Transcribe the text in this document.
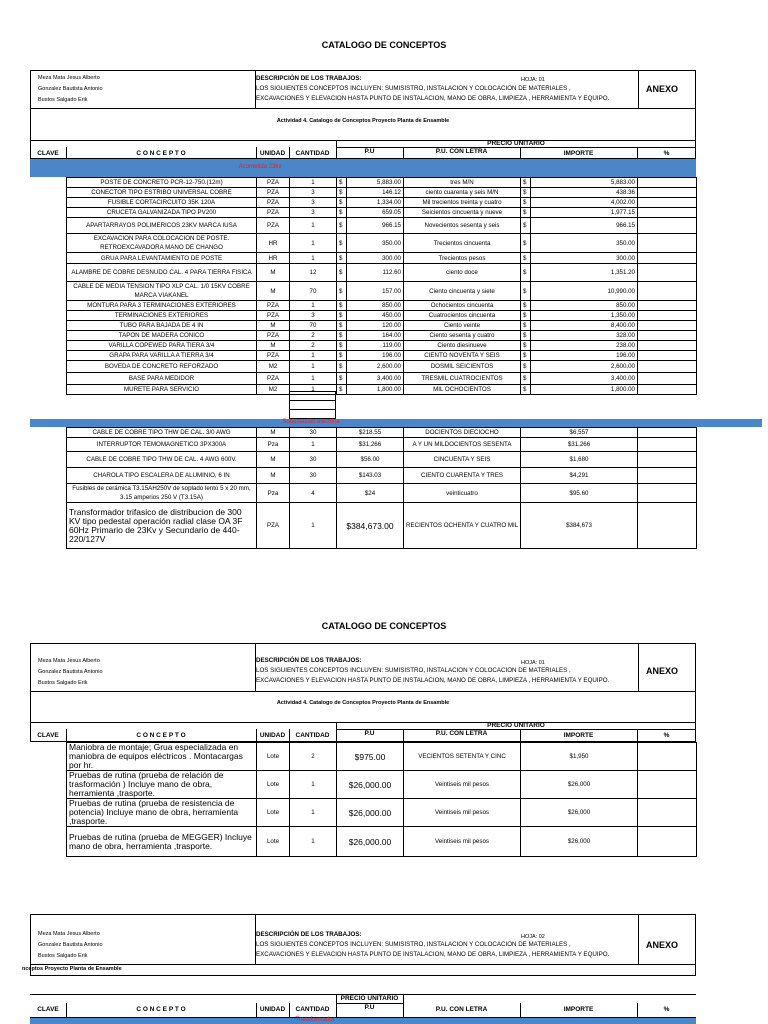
CATALOGO DE CONCEPTOS
Meza Mata Jesus Alberto
Gonzalez Bautista Antonio
Bustos Salgado Erik
DESCRIPCIÓN DE LOS TRABAJOS:
LOS SIGUIENTES CONCEPTOS INCLUYEN: SUMISISTRO, INSTALACION Y COLOCACION DE MATERIALES ,
EXCAVACIONES Y ELEVACION HASTA PUNTO DE INSTALACION, MANO DE OBRA, LIMPIEZA , HERRAMIENTA Y EQUIPO.
HOJA: 01
ANEXO
Actividad 4. Catalogo de Conceptos Proyecto Planta de Ensamble
PRECIO UNITARIO
CLAVE	C O N C E P T O	UNIDAD	CANTIDAD	P.U	P.U. CON LETRA	IMPORTE	%
Acometida 23kv
POSTE DE CONCRETO PCR-12-750.(12m)	PZA	1	$	5,883.00	tres M/N	$	5,883.00	
CONECTOR TIPO ESTRIBO UNIVERSAL COBRE	PZA	3	$	146.12	ciento cuarenta y seis M/N	$	438.36	
FUSIBLE CORTACIRCUITO 35K 120A	PZA	3	$	1,334.00	Mil trecientos treinta y cuatro	$	4,002.00	
CRUCETA GALVANIZADA TIPO PV200	PZA	3	$	659.05	Seicientos cincuenta y nueve	$	1,977.15	
APARTARRAYOS POLIMERICOS 23KV MARCA IUSA	PZA	1	$	966.15	Novecientos sesenta y seis	$	966.15	
EXCAVACION PARA COLOCACION DE POSTE. RETROEXCAVADORA MANO DE CHANGO	HR	1	$	350.00	Trecientos cincuenta	$	350.00	
GRUA PARA LEVANTAMIENTO DE POSTE	HR	1	$	300.00	Trecientos pesos	$	300.00	
ALAMBRE DE COBRE DESNUDO CAL. 4 PARA TIERRA FISICA	M	12	$	112.60	ciento doce	$	1,351.20	
CABLE DE MEDIA TENSION TIPO XLP CAL. 1/0 15KV COBRE MARCA VIAKANEL	M	70	$	157.00	Ciento cincuenta y siete	$	10,990.00	
MONTURA PARA 3 TERMINACIONES EXTERIORES	PZA	1	$	850.00	Ochocientos cincuenta	$	850.00	
TERMINACIONES EXTERIORES	PZA	3	$	450.00	Cuatrocientos cincuenta	$	1,350.00	
TUBO PARA BAJADA DE 4 IN	M	70	$	120.00	Ciento veinte	$	8,400.00	
TAPON DE MADERA CONICO	PZA	2	$	164.00	Ciento sesenta y cuatro	$	328.00	
VARILLA COPEWED PARA TIERA 3/4	M	2	$	119.00	Ciento diesinueve	$	238.00	
GRAPA PARA VARILLA A TIERRA 3/4	PZA	1	$	196.00	CIENTO NOVENTA Y SEIS	$	196.00	
BOVEDA DE CONCRETO REFORZADO	M2	1	$	2,600.00	DOSMIL SEICIENTOS	$	2,600.00	
BASE PARA MEDIDOR	PZA	1	$	3,400.00	TRESMIL CUATROCIENTOS	$	3,400.00	
MURETE PARA SERVICIO	M2	1	$	1,800.00	MIL OCHOCIENTOS	$	1,800.00	
Subestación electrica
CABLE DE COBRE TIPO THW DE CAL. 3/0 AWG	M	30	$218.55	DOCIENTOS DIECIOCHO	$6,557	
INTERRUPTOR TEMOMAGNETICO 3PX300A	Pza	1	$31,266	A Y UN MILDOCIENTOS SESENTA	$31,266	
CABLE DE COBRE TIPO THW DE CAL. 4 AWG 600V.	M	30	$56.00	CINCUENTA Y SEIS	$1,680	
CHAROLA TIPO ESCALERA DE ALUMINIO, 6 IN	M	30	$143.03	CIENTO CUARENTA Y TRES	$4,291	
Fusibles de cerámica T3.15AH250V de soplado lento 5 x 20 mm, 3.15 amperios 250 V (T3.15A)	Pza	4	$24	veinticuatro	$95.60	
Transformador trifasico de distribucion de 300 KV tipo pedestal operación radial clase OA 3F 60Hz Primario de 23Kv y Secundario de 440- 220/127V	PZA	1	$384,673.00	RECIENTOS OCHENTA Y CUATRO MIL	$384,673	
CATALOGO DE CONCEPTOS
Meza Mata Jesus Alberto
Gonzalez Bautista Antonio
Bustos Salgado Erik
DESCRIPCIÓN DE LOS TRABAJOS:
LOS SIGUIENTES CONCEPTOS INCLUYEN: SUMISISTRO, INSTALACION Y COLOCACION DE MATERIALES ,
EXCAVACIONES Y ELEVACION HASTA PUNTO DE INSTALACION, MANO DE OBRA, LIMPIEZA , HERRAMIENTA Y EQUIPO.
HOJA: 01
ANEXO
Actividad 4. Catalogo de Conceptos Proyecto Planta de Ensamble
PRECIO UNITARIO
CLAVE	C O N C E P T O	UNIDAD	CANTIDAD	P.U	P.U. CON LETRA	IMPORTE	%
Maniobra de montaje; Grua especializada en maniobra de equipos eléctricos . Montacargas por hr.	Lote	2	$975.00	VECIENTOS SETENTA Y CINC	$1,950	
Pruebas de rutina (prueba de relación de trasformación ) Incluye mano de obra, herramienta ,trasporte.	Lote	1	$26,000.00	Veintiseis mil pesos	$26,000	
Pruebas de rutina (prueba de resistencia de potencia) Incluye mano de obra, herramienta ,trasporte.	Lote	1	$26,000.00	Veintiseis mil pesos	$26,000	
Pruebas de rutina (prueba de MEGGER) Incluye mano de obra, herramienta ,trasporte.	Lote	1	$26,000.00	Veintiseis mil pesos	$26,000	
Meza Mata Jesus Alberto
Gonzalez Bautista Antonio
Bustos Salgado Erik
DESCRIPCIÓN DE LOS TRABAJOS:
LOS SIGUIENTES CONCEPTOS INCLUYEN: SUMISISTRO, INSTALACION Y COLOCACION DE MATERIALES ,
EXCAVACIONES Y ELEVACION HASTA PUNTO DE INSTALACION, MANO DE OBRA, LIMPIEZA , HERRAMIENTA Y EQUIPO.
HOJA: 02
ANEXO
nceptos Proyecto Planta de Ensamble
PRECIO UNITARIO
CLAVE	C O N C E P T O	UNIDAD	CANTIDAD	P.U	P.U. CON LETRA	IMPORTE	%
Transformador
